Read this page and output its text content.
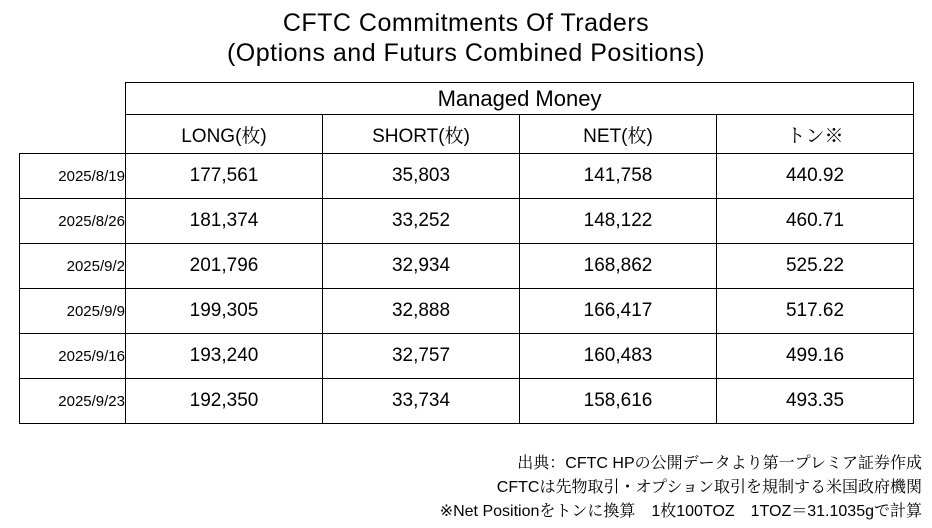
CFTC Commitments Of Traders
(Options and Futurs Combined Positions)
	Managed Money			
	LONG(枚)	SHORT(枚)	NET(枚)	トン※
2025/8/19	177,561	35,803	141,758	440.92
2025/8/26	181,374	33,252	148,122	460.71
2025/9/2	201,796	32,934	168,862	525.22
2025/9/9	199,305	32,888	166,417	517.62
2025/9/16	193,240	32,757	160,483	499.16
2025/9/23	192,350	33,734	158,616	493.35
出典：CFTC HPの公開データより第一プレミア証券作成
CFTCは先物取引・オプション取引を規制する米国政府機関
※Net Positionをトンに換算　1枚100TOZ　1TOZ＝31.1035gで計算
